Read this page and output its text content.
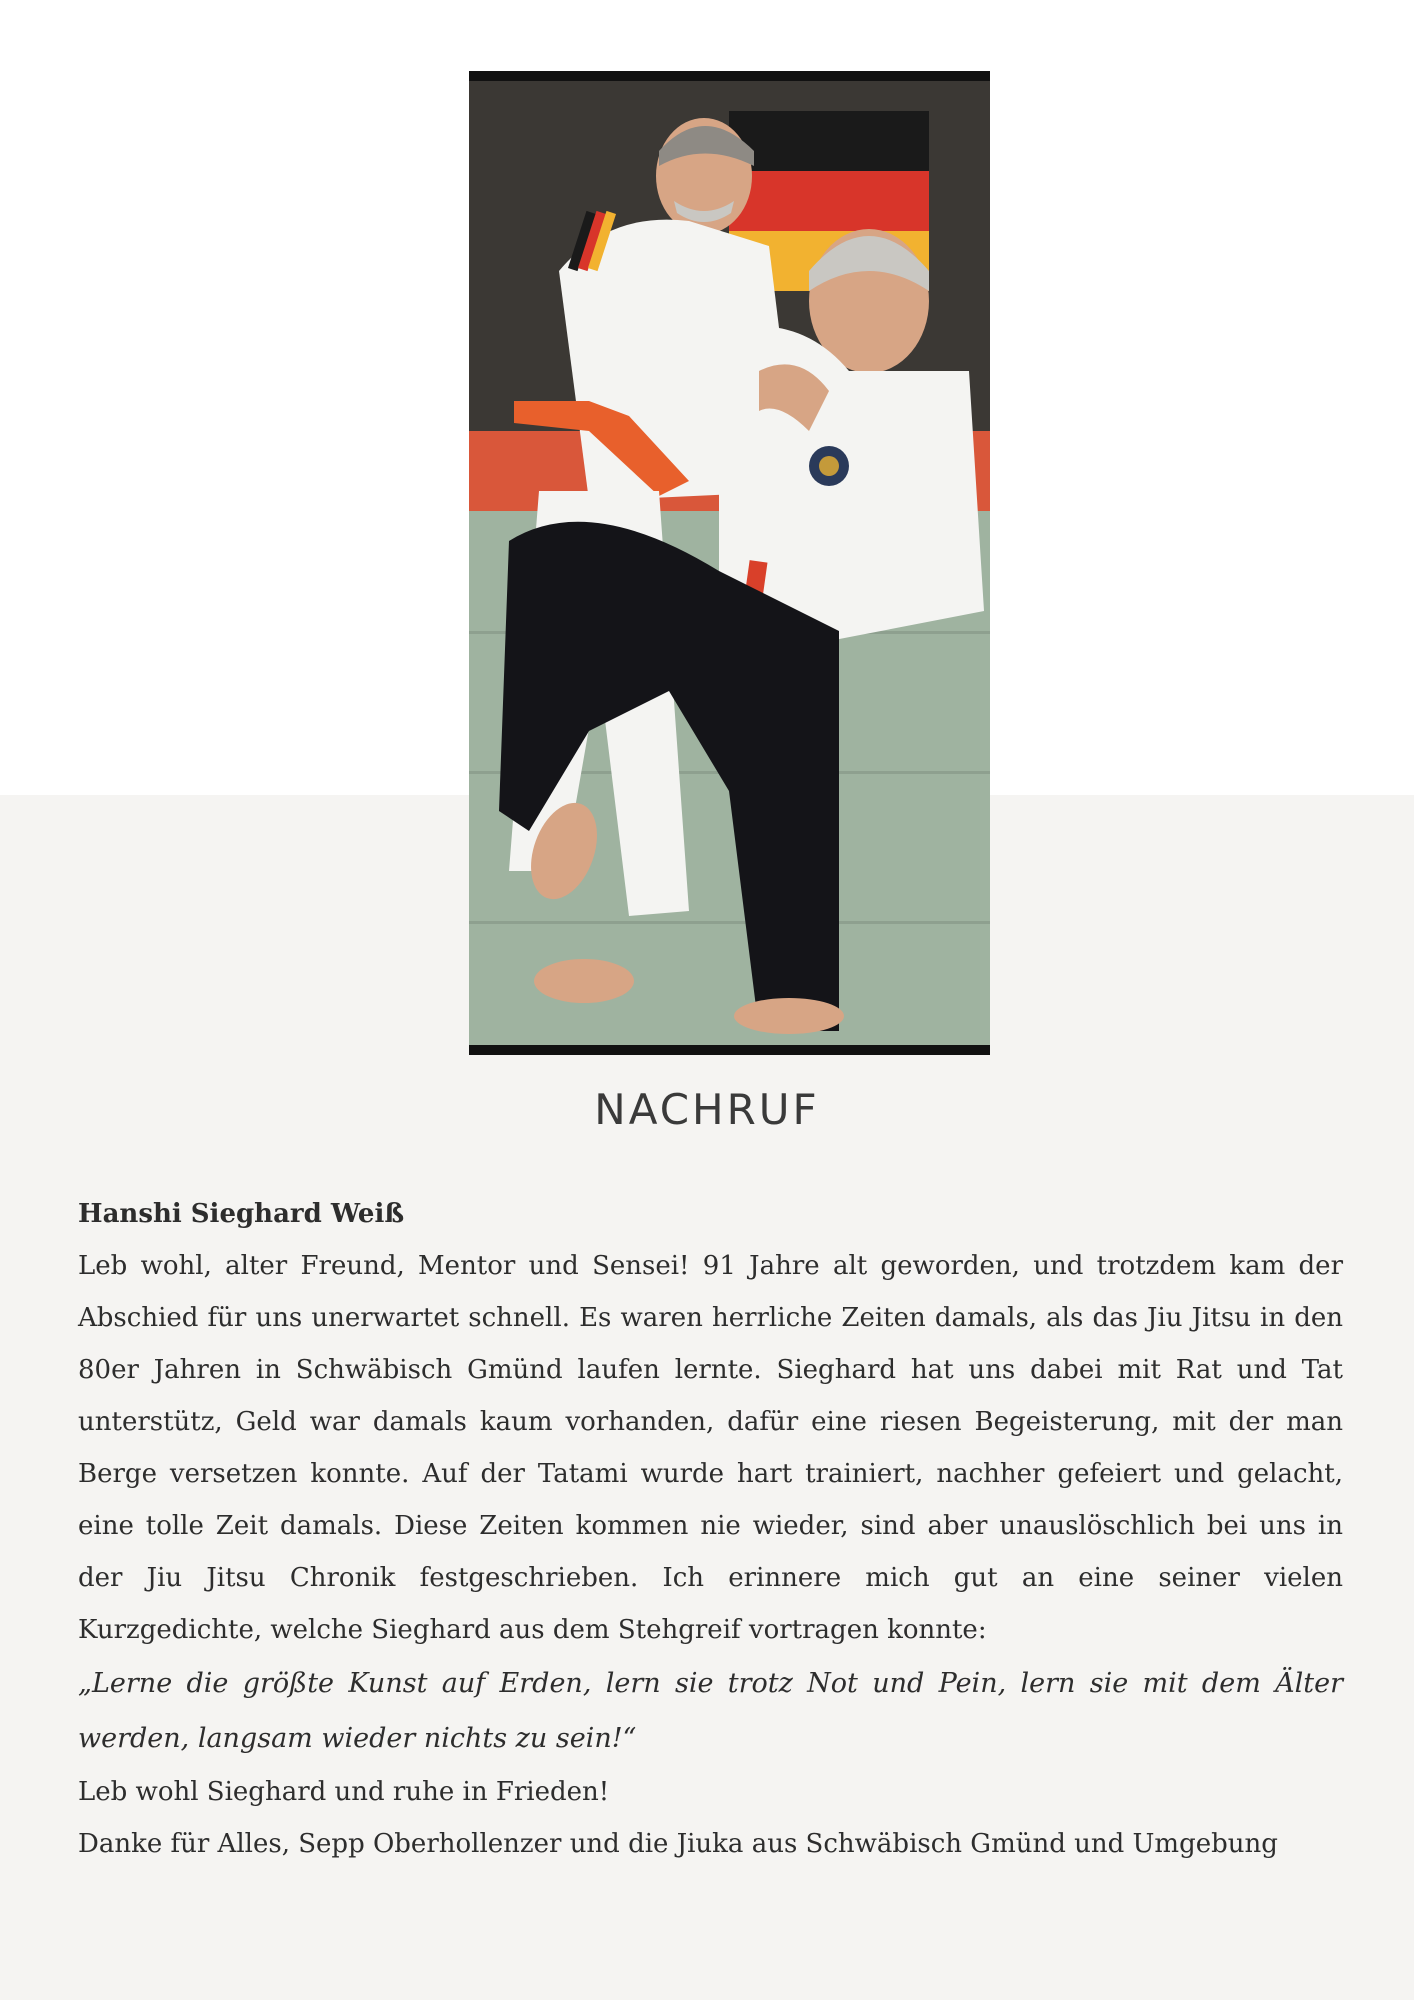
NACHRUF

Hanshi Sieghard Weiß

Leb wohl, alter Freund, Mentor und Sensei! 91 Jahre alt geworden, und trotzdem kam der Abschied für uns unerwartet schnell. Es waren herrliche Zeiten damals, als das Jiu Jitsu in den 80er Jahren in Schwäbisch Gmünd laufen lernte. Sieghard hat uns dabei mit Rat und Tat unterstütz, Geld war damals kaum vorhanden, dafür eine riesen Begeisterung, mit der man Berge versetzen konnte. Auf der Tatami wurde hart trainiert, nachher gefeiert und gelacht, eine tolle Zeit damals. Diese Zeiten kommen nie wieder, sind aber unauslöschlich bei uns in der Jiu Jitsu Chronik festgeschrieben. Ich erinnere mich gut an eine seiner vielen Kurzgedichte, welche Sieghard aus dem Stehgreif vortragen konnte:

„Lerne die größte Kunst auf Erden, lern sie trotz Not und Pein, lern sie mit dem Älter werden, langsam wieder nichts zu sein!“

Leb wohl Sieghard und ruhe in Frieden!

Danke für Alles, Sepp Oberhollenzer und die Jiuka aus Schwäbisch Gmünd und Umgebung
